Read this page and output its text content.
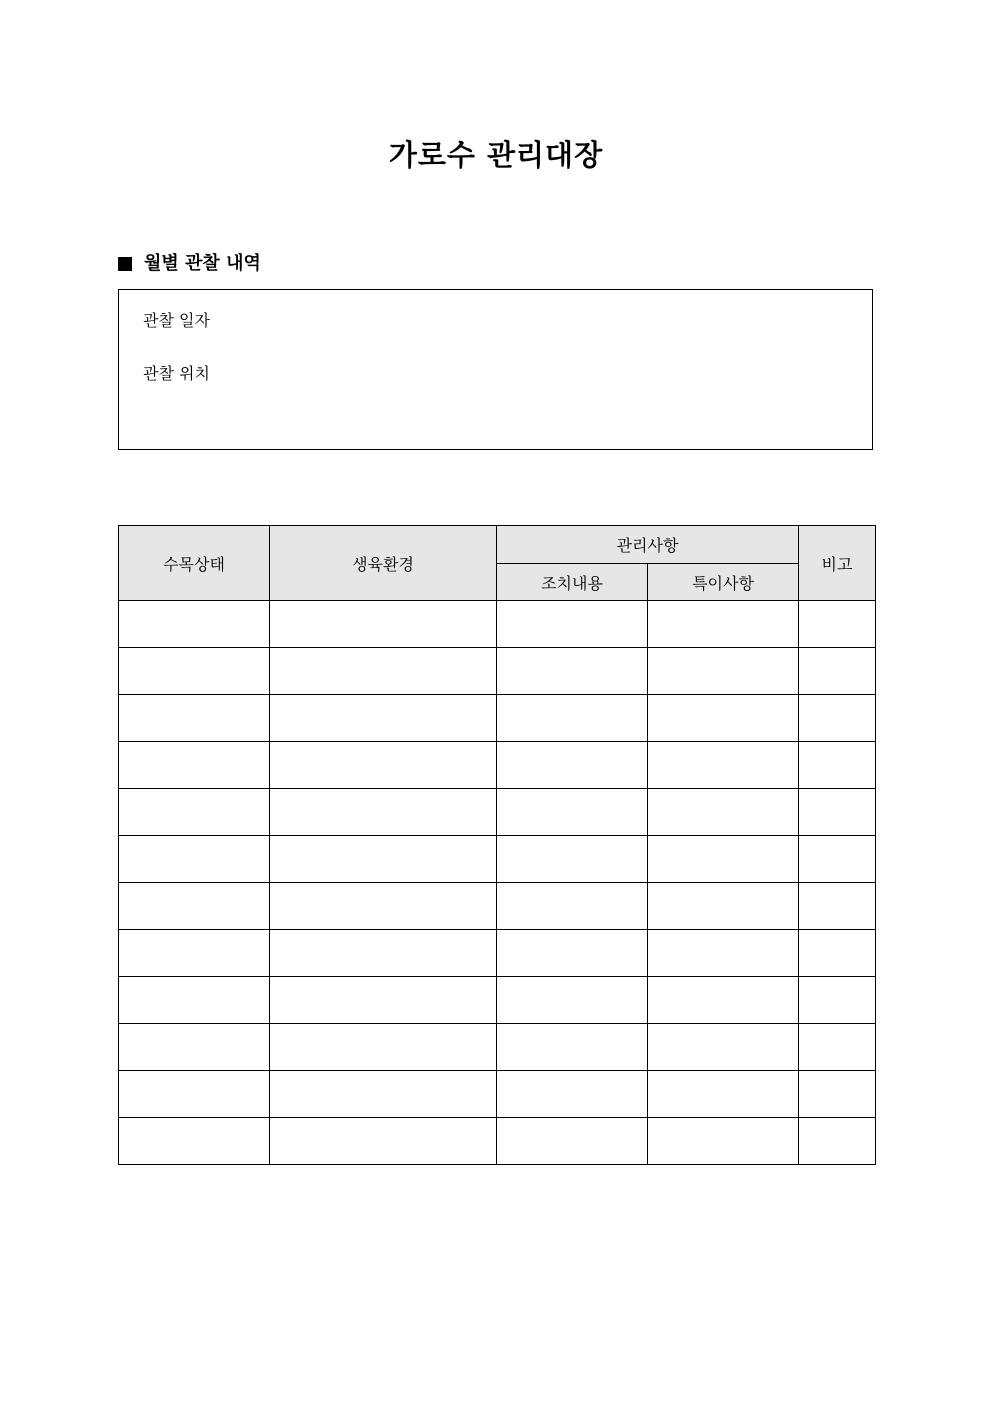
가로수 관리대장
월별 관찰 내역
관찰 일자
관찰 위치
수목상태	생육환경	관리사항		비고
		조치내용	특이사항	
